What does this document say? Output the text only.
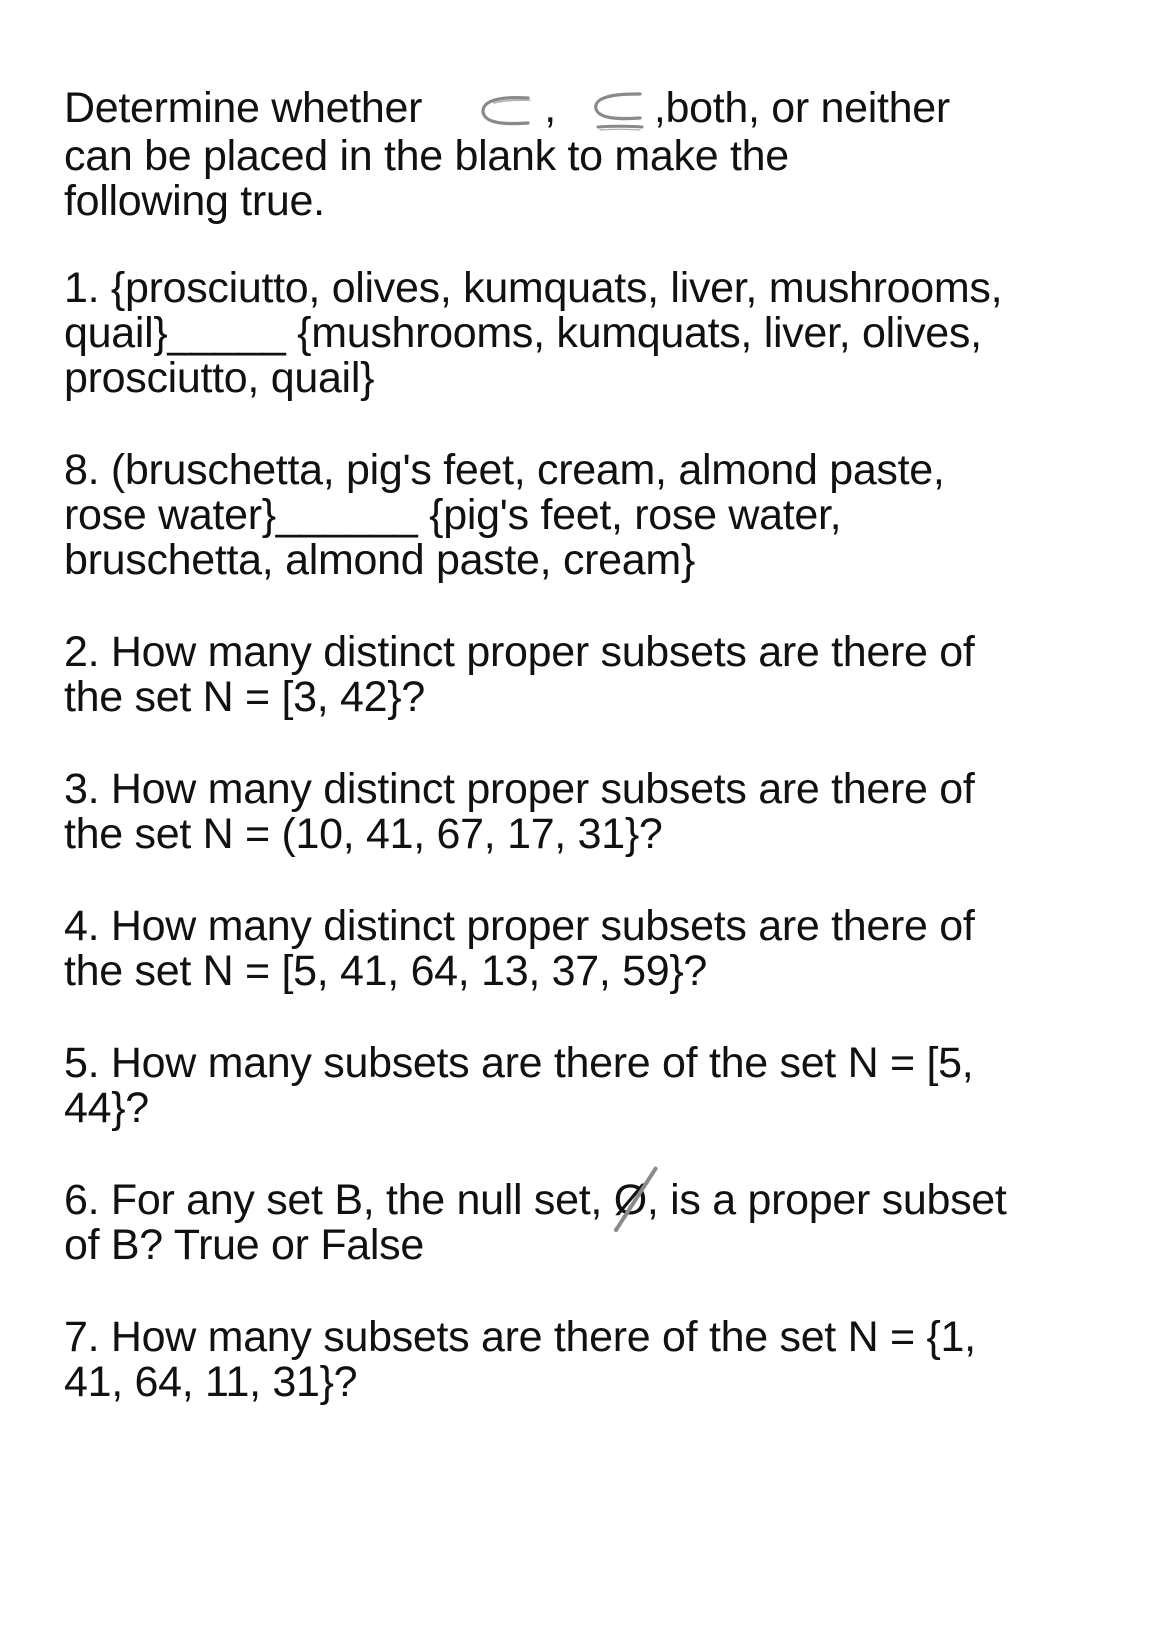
Determine whether	, ,both, or neither
can be placed in the blank to make the
following true.

1. {prosciutto, olives, kumquats, liver, mushrooms,
quail}_____ {mushrooms, kumquats, liver, olives,
prosciutto, quail}

8. (bruschetta, pig's feet, cream, almond paste,
rose water}______ {pig's feet, rose water,
bruschetta, almond paste, cream}

2. How many distinct proper subsets are there of
the set N = [3, 42}?

3. How many distinct proper subsets are there of
the set N = (10, 41, 67, 17, 31}?

4. How many distinct proper subsets are there of
the set N = [5, 41, 64, 13, 37, 59}?

5. How many subsets are there of the set N = [5,
44}?

6. For any set B, the null set, Ø
, is a proper subset
of B? True or False

7. How many subsets are there of the set N = {1,
41, 64, 11, 31}?
